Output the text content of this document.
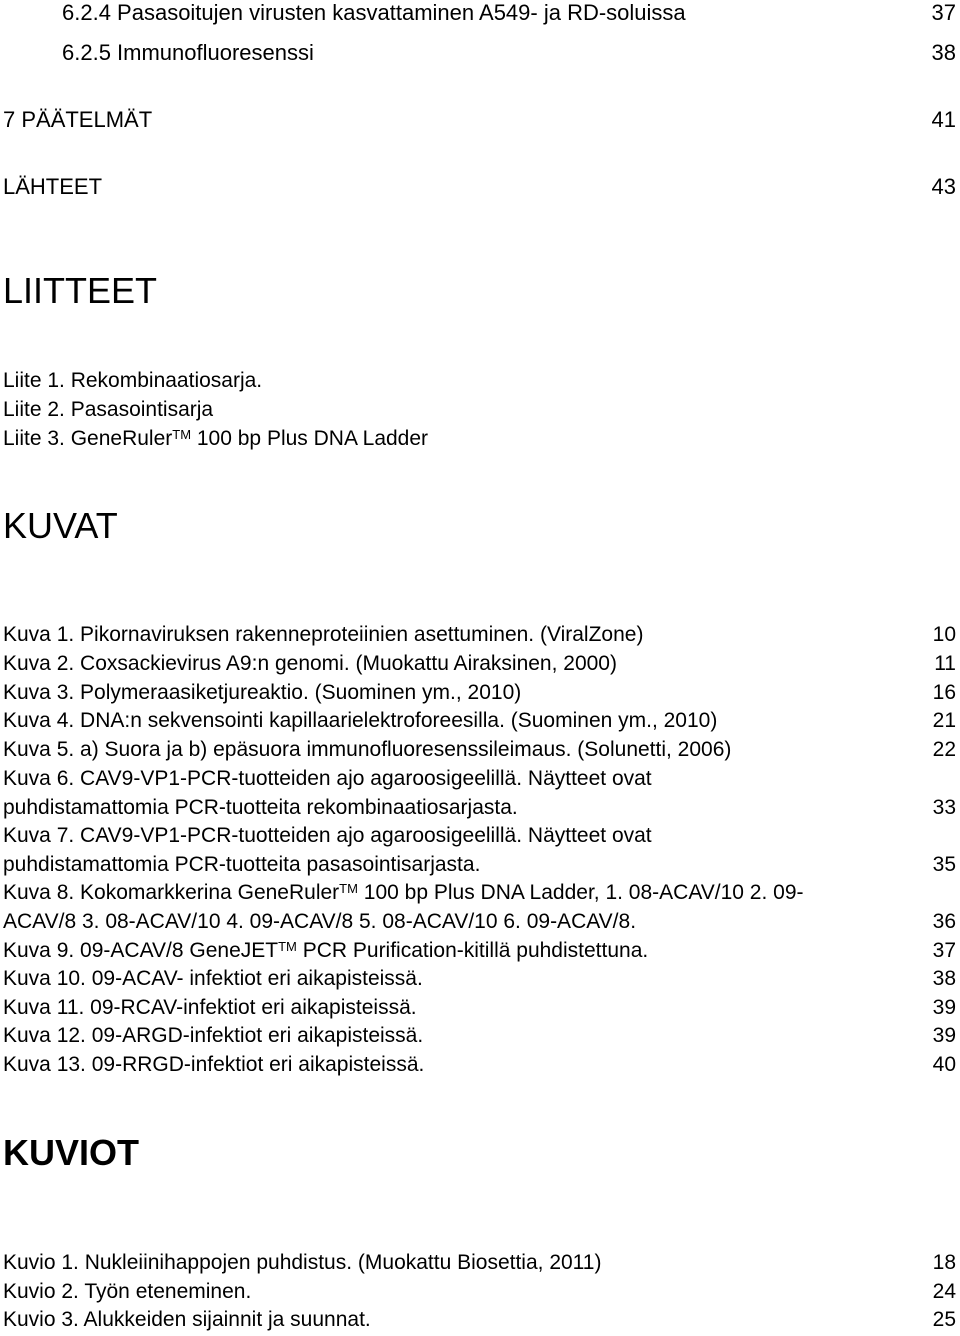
6.2.4 Pasasoitujen virusten kasvattaminen A549- ja RD-soluissa	37
6.2.5 Immunofluoresenssi	38
7 PÄÄTELMÄT	41
LÄHTEET	43
LIITTEET
Liite 1. Rekombinaatiosarja.
Liite 2. Pasasointisarja
Liite 3. GeneRuler™ 100 bp Plus DNA Ladder
KUVAT
Kuva 1. Pikornaviruksen rakenneproteiinien asettuminen. (ViralZone)	10
Kuva 2. Coxsackievirus A9:n genomi. (Muokattu Airaksinen, 2000)	11
Kuva 3. Polymeraasiketjureaktio. (Suominen ym., 2010)	16
Kuva 4. DNA:n sekvensointi kapillaarielektroforeesilla. (Suominen ym., 2010)	21
Kuva 5. a) Suora ja b) epäsuora immunofluoresenssileimaus. (Solunetti, 2006)	22
Kuva 6. CAV9-VP1-PCR-tuotteiden ajo agaroosigeelillä. Näytteet ovat
puhdistamattomia PCR-tuotteita rekombinaatiosarjasta.	33
Kuva 7. CAV9-VP1-PCR-tuotteiden ajo agaroosigeelillä. Näytteet ovat
puhdistamattomia PCR-tuotteita pasasointisarjasta.	35
Kuva 8. Kokomarkkerina GeneRuler™ 100 bp Plus DNA Ladder, 1. 08-ACAV/10 2. 09-
ACAV/8 3. 08-ACAV/10 4. 09-ACAV/8 5. 08-ACAV/10 6. 09-ACAV/8.	36
Kuva 9. 09-ACAV/8 GeneJET™ PCR Purification-kitillä puhdistettuna.	37
Kuva 10. 09-ACAV- infektiot eri aikapisteissä.	38
Kuva 11. 09-RCAV-infektiot eri aikapisteissä.	39
Kuva 12. 09-ARGD-infektiot eri aikapisteissä.	39
Kuva 13. 09-RRGD-infektiot eri aikapisteissä.	40
KUVIOT
Kuvio 1. Nukleiinihappojen puhdistus. (Muokattu Biosettia, 2011)	18
Kuvio 2. Työn eteneminen.	24
Kuvio 3. Alukkeiden sijainnit ja suunnat.	25
